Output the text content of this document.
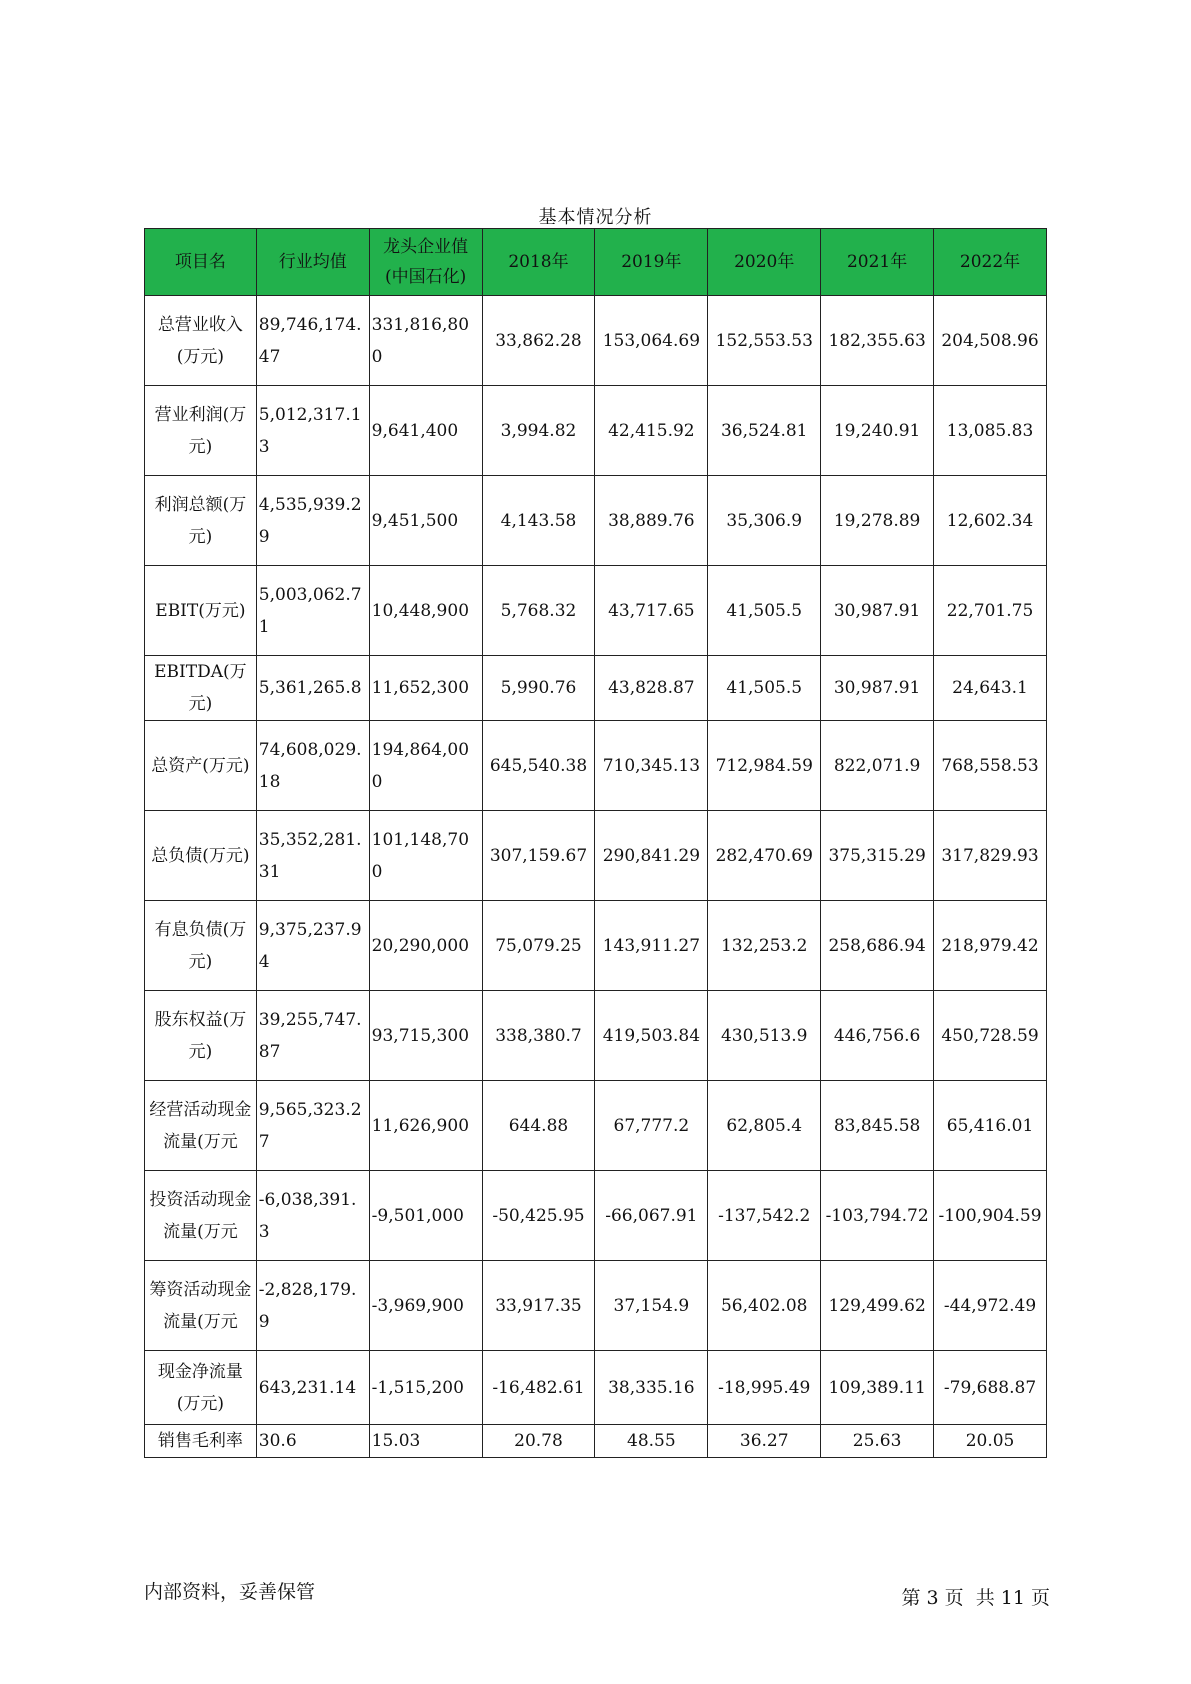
基本情况分析
项目名	行业均值	龙头企业值(中国石化)	2018年	2019年	2020年	2021年	2022年
总营业收入(万元)	89,746,174.47	331,816,800	33,862.28	153,064.69	152,553.53	182,355.63	204,508.96
营业利润(万元)	5,012,317.13	9,641,400	3,994.82	42,415.92	36,524.81	19,240.91	13,085.83
利润总额(万元)	4,535,939.29	9,451,500	4,143.58	38,889.76	35,306.9	19,278.89	12,602.34
EBIT(万元)	5,003,062.71	10,448,900	5,768.32	43,717.65	41,505.5	30,987.91	22,701.75
EBITDA(万元)	5,361,265.8	11,652,300	5,990.76	43,828.87	41,505.5	30,987.91	24,643.1
总资产(万元)	74,608,029.18	194,864,000	645,540.38	710,345.13	712,984.59	822,071.9	768,558.53
总负债(万元)	35,352,281.31	101,148,700	307,159.67	290,841.29	282,470.69	375,315.29	317,829.93
有息负债(万元)	9,375,237.94	20,290,000	75,079.25	143,911.27	132,253.2	258,686.94	218,979.42
股东权益(万元)	39,255,747.87	93,715,300	338,380.7	419,503.84	430,513.9	446,756.6	450,728.59
经营活动现金流量(万元	9,565,323.27	11,626,900	644.88	67,777.2	62,805.4	83,845.58	65,416.01
投资活动现金流量(万元	-6,038,391.3	-9,501,000	-50,425.95	-66,067.91	-137,542.2	-103,794.72	-100,904.59
筹资活动现金流量(万元	-2,828,179.9	-3,969,900	33,917.35	37,154.9	56,402.08	129,499.62	-44,972.49
现金净流量(万元)	643,231.14	-1,515,200	-16,482.61	38,335.16	-18,995.49	109,389.11	-79,688.87
销售毛利率	30.6	15.03	20.78	48.55	36.27	25.63	20.05
内部资料，妥善保管	第 3 页  共 11 页
